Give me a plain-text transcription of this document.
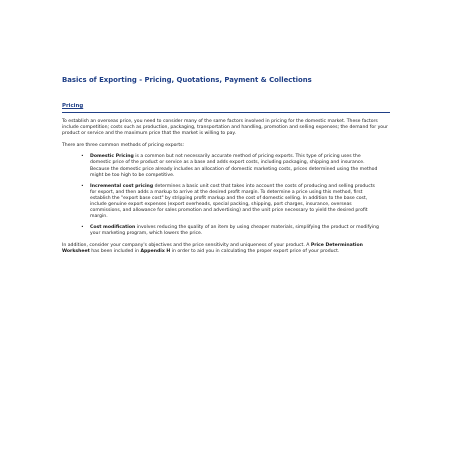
Basics of Exporting - Pricing, Quotations, Payment & Collections
Pricing

To establish an overseas price, you need to consider many of the same factors involved in pricing for the domestic market. These factors include competition; costs such as production, packaging, transportation and handling, promotion and selling expenses; the demand for your product or service and the maximum price that the market is willing to pay.

There are three common methods of pricing exports:

• Domestic Pricing is a common but not necessarily accurate method of pricing exports. This type of pricing uses the domestic price of the product or service as a base and adds export costs, including packaging, shipping and insurance. Because the domestic price already includes an allocation of domestic marketing costs, prices determined using the method might be too high to be competitive.
• Incremental cost pricing determines a basic unit cost that takes into account the costs of producing and selling products for export, and then adds a markup to arrive at the desired profit margin. To determine a price using this method, first establish the "export base cost" by stripping profit markup and the cost of domestic selling. In addition to the base cost, include genuine export expenses (export overheads, special packing, shipping, port charges, insurance, overseas commissions, and allowance for sales promotion and advertising) and the unit price necessary to yield the desired profit margin.
• Cost modification involves reducing the quality of an item by using cheaper materials, simplifying the product or modifying your marketing program, which lowers the price.

In addition, consider your company's objectives and the price sensitivity and uniqueness of your product. A Price Determination Worksheet has been included in Appendix H in order to aid you in calculating the proper export price of your product.
